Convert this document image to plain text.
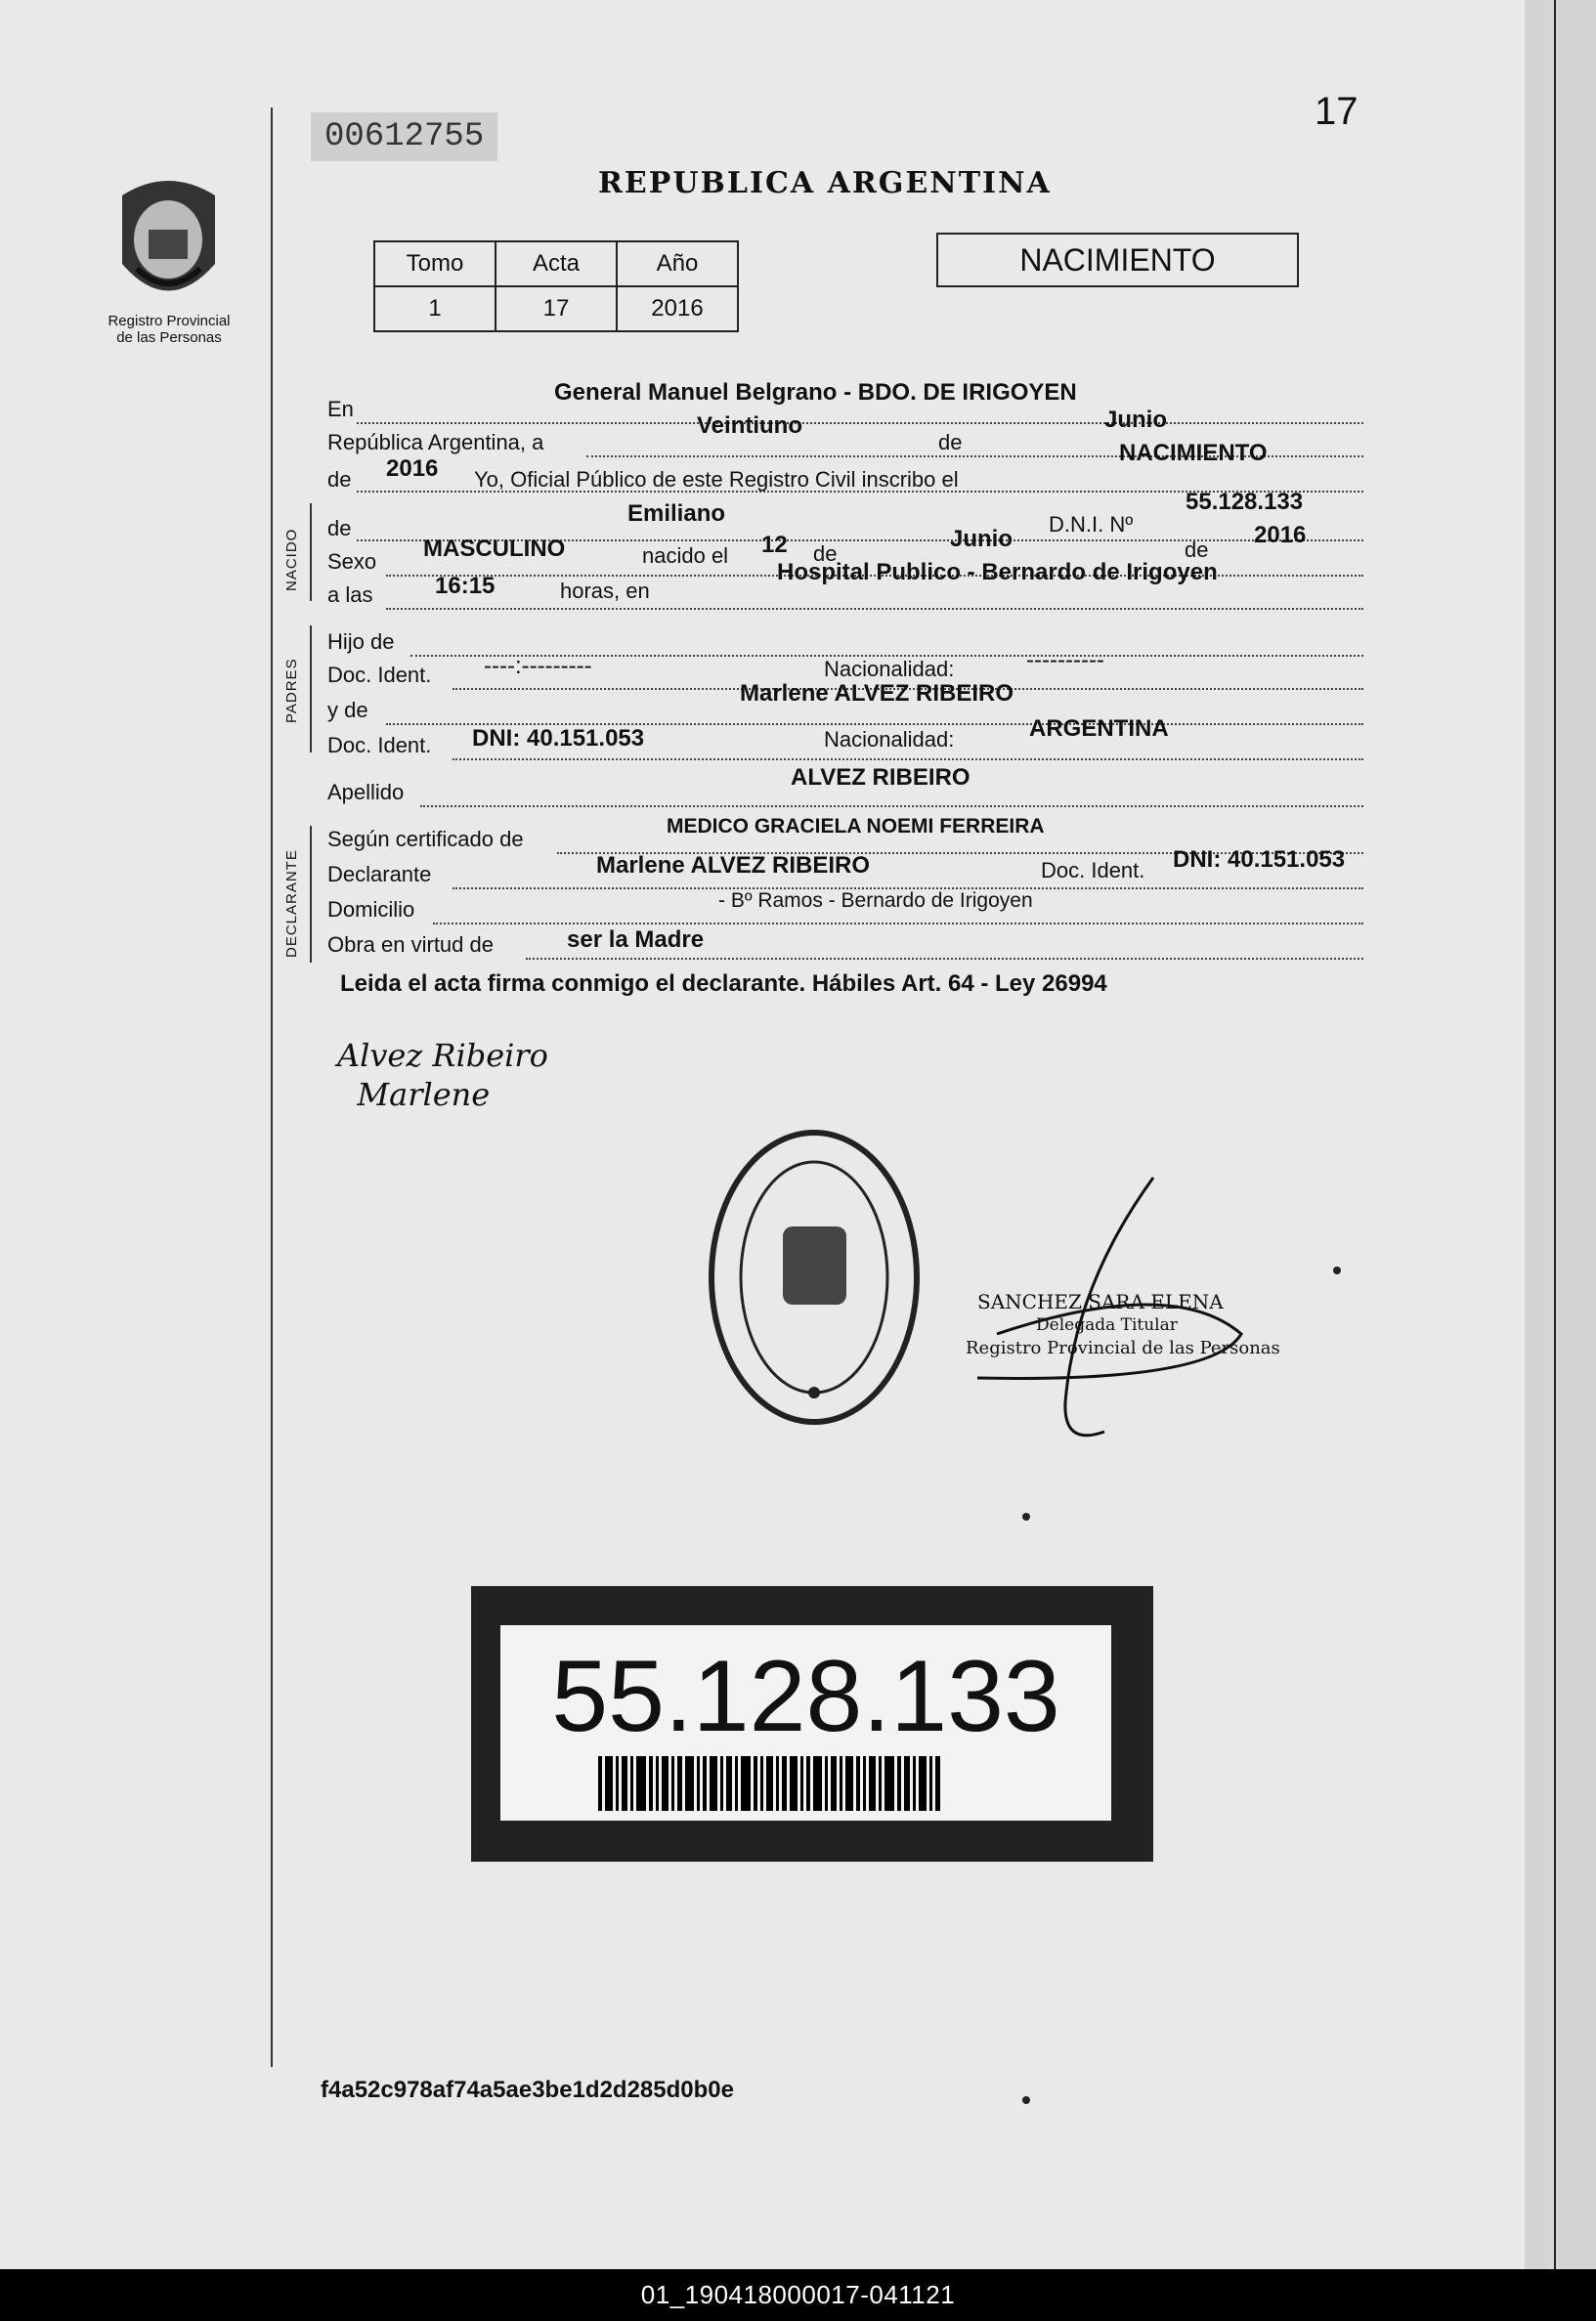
00612755
17
REPUBLICA ARGENTINA
Registro Provincial
de las Personas
Tomo	Acta	Año
1	17	2016
NACIMIENTO
En
General Manuel Belgrano - BDO. DE IRIGOYEN
República Argentina, a
Veintiuno
de
Junio
de 2016 Yo, Oficial Público de este Registro Civil inscribo el
NACIMIENTO
NACIDO
de
Emiliano	D.N.I. Nº
55.128.133
Sexo MASCULINO	nacido el 12 de
Junio	de
2016
a las	16:15	horas, en
Hospital Publico - Bernardo de Irigoyen
PADRES
Hijo de
Doc. Ident. ----:---------	Nacionalidad:	----------
y de
Marlene ALVEZ RIBEIRO
Doc. Ident. DNI: 40.151.053	Nacionalidad:	ARGENTINA
Apellido
ALVEZ RIBEIRO
DECLARANTE
Según certificado de
MEDICO GRACIELA NOEMI FERREIRA
Declarante	Marlene ALVEZ RIBEIRO	Doc. Ident. DNI: 40.151.053
Domicilio	- Bº Ramos - Bernardo de Irigoyen
Obra en virtud de	ser la Madre
Leida el acta firma conmigo el declarante. Hábiles Art. 64 - Ley 26994
Alvez Ribeiro
Marlene
SANCHEZ SARA ELENA
Delegada Titular
Registro Provincial de las Personas
55.128.133
f4a52c978af74a5ae3be1d2d285d0b0e
01_190418000017-041121
